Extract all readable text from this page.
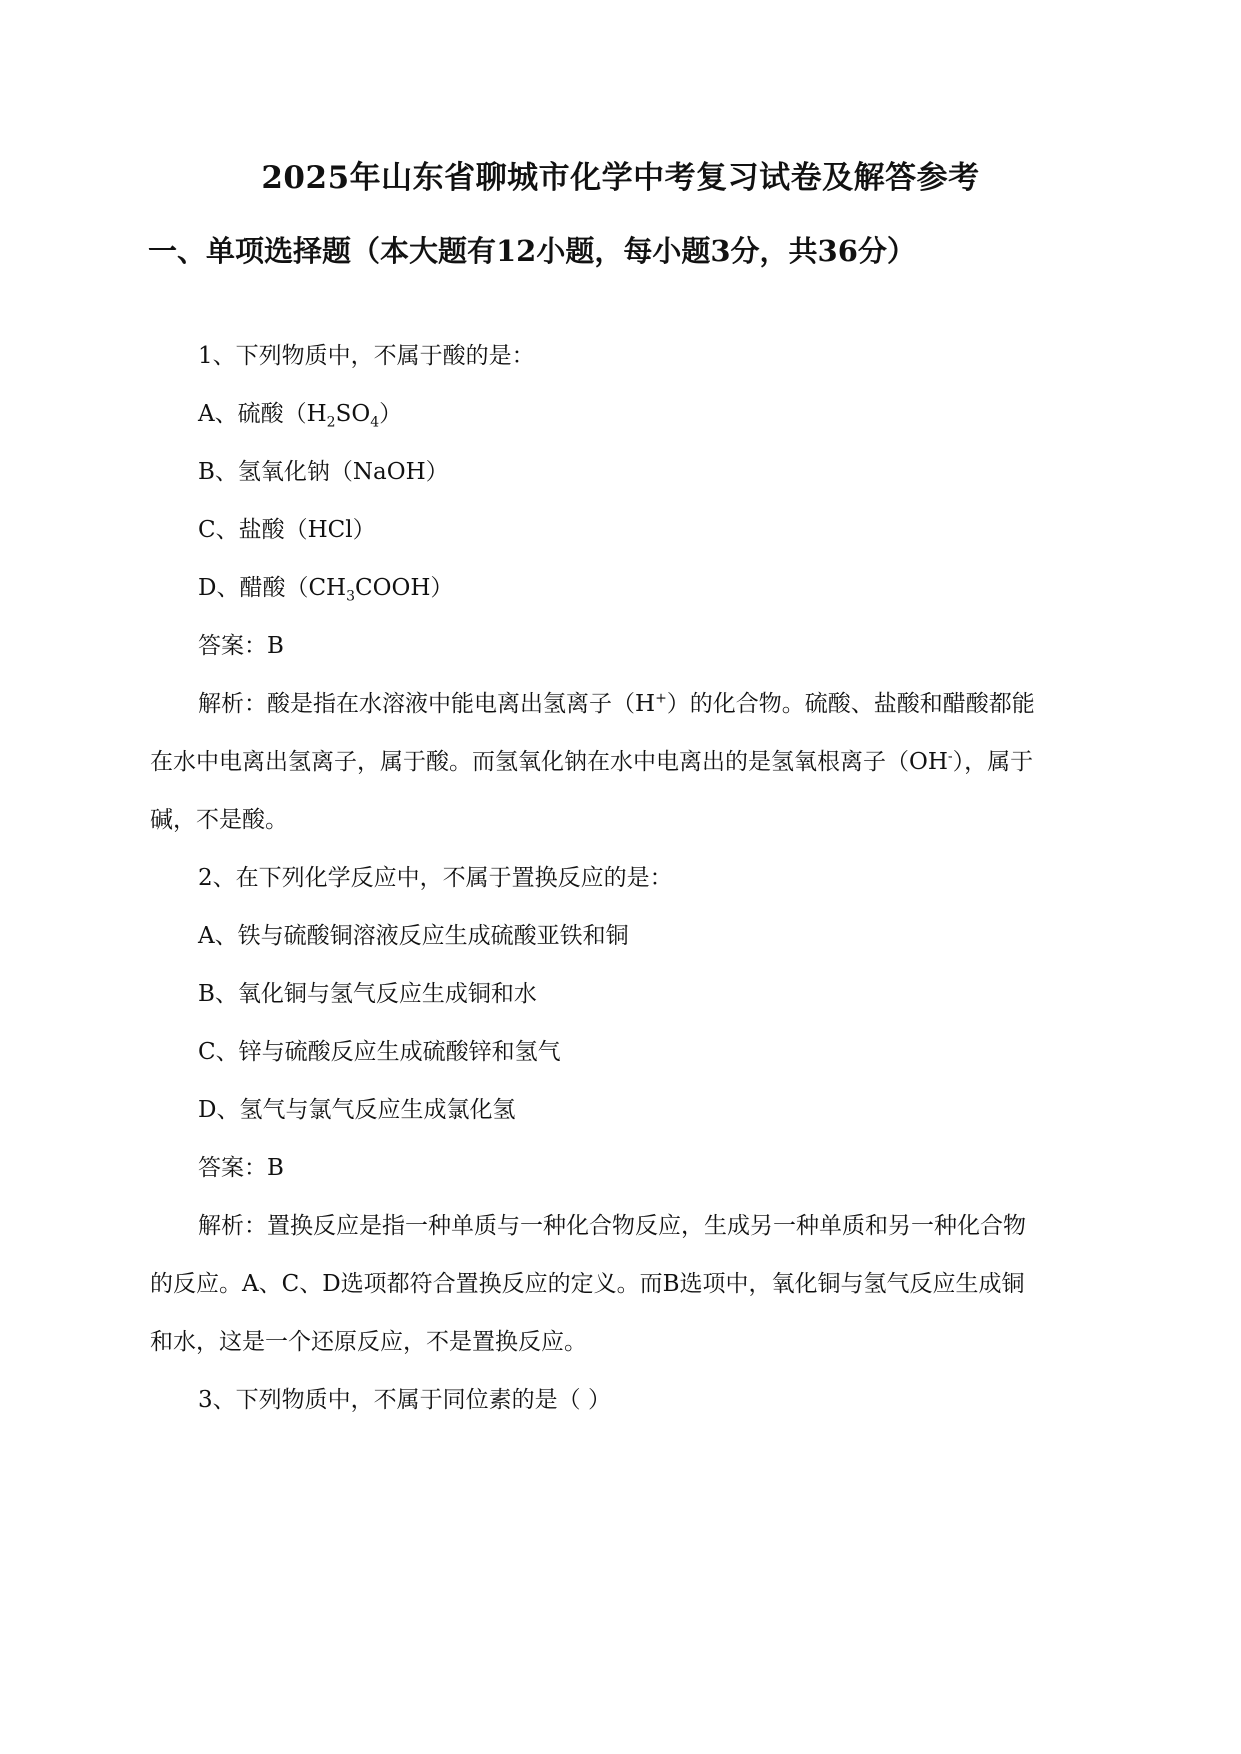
2025年山东省聊城市化学中考复习试卷及解答参考
一、单项选择题（本大题有12小题，每小题3分，共36分）

1、下列物质中，不属于酸的是：

A、硫酸$(H_2SO_4)$

B、氢氧化钠（NaOH）

C、盐酸（HCl）

D、醋酸$(CH_3COOH)$

答案：B

解析：酸是指在水溶液中能电离出氢离子（H+）的化合物。硫酸、盐酸和醋酸都能

在水中电离出氢离子，属于酸。而氢氧化钠在水中电离出的是氢氧根离子（OH-），属于

碱，不是酸。

2、在下列化学反应中，不属于置换反应的是：

A、铁与硫酸铜溶液反应生成硫酸亚铁和铜

B、氧化铜与氢气反应生成铜和水

C、锌与硫酸反应生成硫酸锌和氢气

D、氢气与氯气反应生成氯化氢

答案：B

解析：置换反应是指一种单质与一种化合物反应，生成另一种单质和另一种化合物

的反应。A、C、D选项都符合置换反应的定义。而B选项中，氧化铜与氢气反应生成铜

和水，这是一个还原反应，不是置换反应。

3、下列物质中，不属于同位素的是（ ）
